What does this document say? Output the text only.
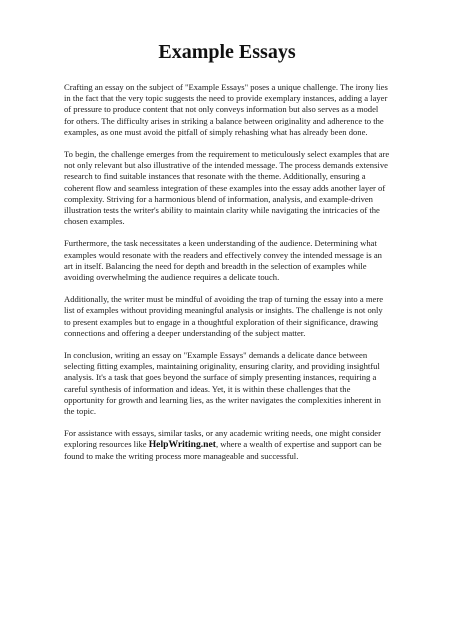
Example Essays

Crafting an essay on the subject of "Example Essays" poses a unique challenge. The irony lies in the fact that the very topic suggests the need to provide exemplary instances, adding a layer of pressure to produce content that not only conveys information but also serves as a model for others. The difficulty arises in striking a balance between originality and adherence to the examples, as one must avoid the pitfall of simply rehashing what has already been done.

To begin, the challenge emerges from the requirement to meticulously select examples that are not only relevant but also illustrative of the intended message. The process demands extensive research to find suitable instances that resonate with the theme. Additionally, ensuring a coherent flow and seamless integration of these examples into the essay adds another layer of complexity. Striving for a harmonious blend of information, analysis, and example-driven illustration tests the writer's ability to maintain clarity while navigating the intricacies of the chosen examples.

Furthermore, the task necessitates a keen understanding of the audience. Determining what examples would resonate with the readers and effectively convey the intended message is an art in itself. Balancing the need for depth and breadth in the selection of examples while avoiding overwhelming the audience requires a delicate touch.

Additionally, the writer must be mindful of avoiding the trap of turning the essay into a mere list of examples without providing meaningful analysis or insights. The challenge is not only to present examples but to engage in a thoughtful exploration of their significance, drawing connections and offering a deeper understanding of the subject matter.

In conclusion, writing an essay on "Example Essays" demands a delicate dance between selecting fitting examples, maintaining originality, ensuring clarity, and providing insightful analysis. It's a task that goes beyond the surface of simply presenting instances, requiring a careful synthesis of information and ideas. Yet, it is within these challenges that the opportunity for growth and learning lies, as the writer navigates the complexities inherent in the topic.

For assistance with essays, similar tasks, or any academic writing needs, one might consider exploring resources like HelpWriting.net, where a wealth of expertise and support can be found to make the writing process more manageable and successful.
